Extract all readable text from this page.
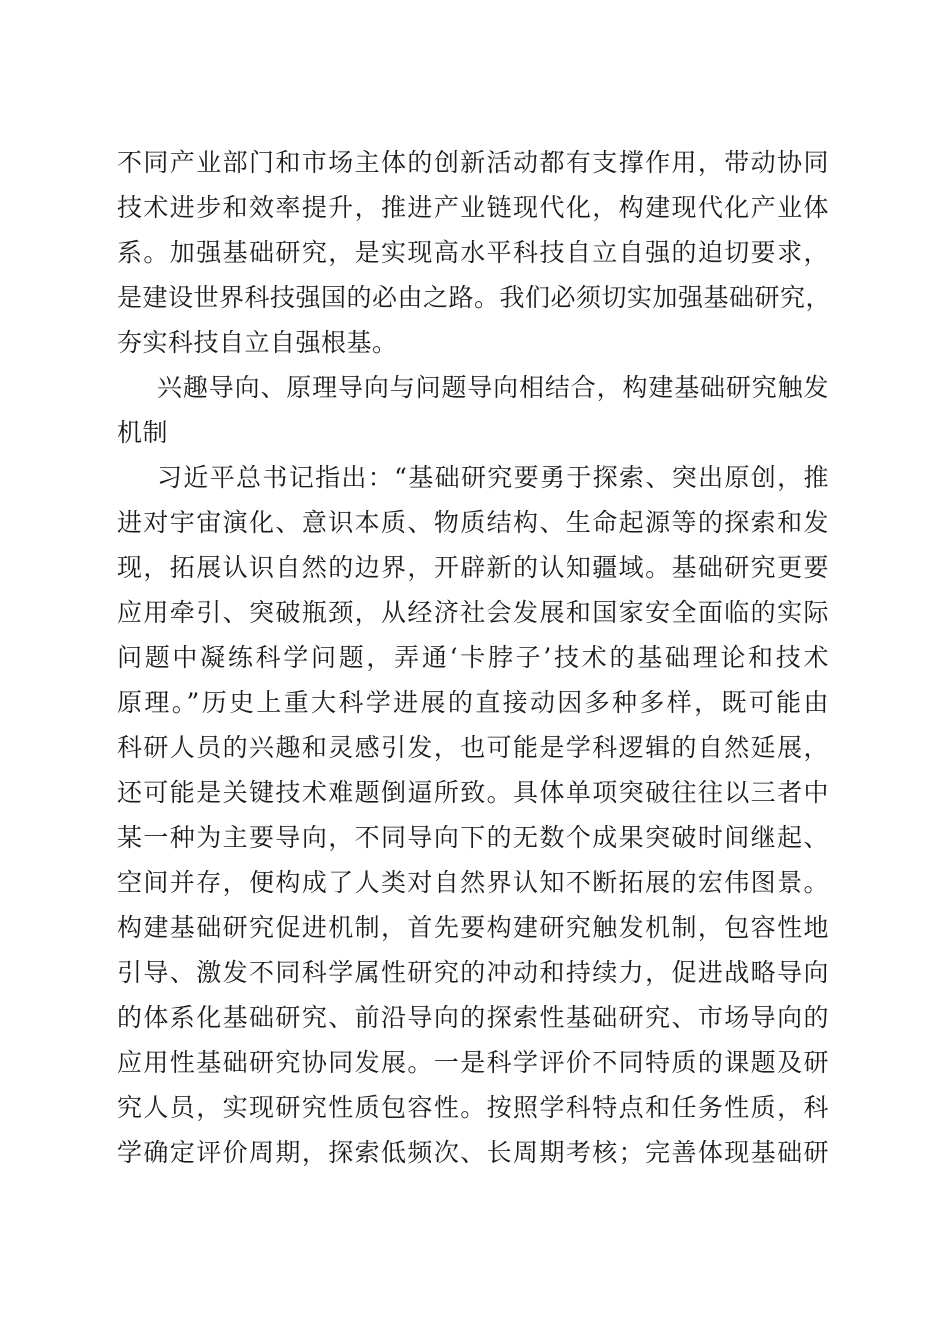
不同产业部门和市场主体的创新活动都有支撑作用，带动协同
技术进步和效率提升，推进产业链现代化，构建现代化产业体
系。加强基础研究，是实现高水平科技自立自强的迫切要求，
是建设世界科技强国的必由之路。我们必须切实加强基础研究，
夯实科技自立自强根基。
兴趣导向、原理导向与问题导向相结合，构建基础研究触发
机制
习近平总书记指出：“基础研究要勇于探索、突出原创，推
进对宇宙演化、意识本质、物质结构、生命起源等的探索和发
现，拓展认识自然的边界，开辟新的认知疆域。基础研究更要
应用牵引、突破瓶颈，从经济社会发展和国家安全面临的实际
问题中凝练科学问题，弄通‘卡脖子’技术的基础理论和技术
原理。”历史上重大科学进展的直接动因多种多样，既可能由
科研人员的兴趣和灵感引发，也可能是学科逻辑的自然延展，
还可能是关键技术难题倒逼所致。具体单项突破往往以三者中
某一种为主要导向，不同导向下的无数个成果突破时间继起、
空间并存，便构成了人类对自然界认知不断拓展的宏伟图景。
构建基础研究促进机制，首先要构建研究触发机制，包容性地
引导、激发不同科学属性研究的冲动和持续力，促进战略导向
的体系化基础研究、前沿导向的探索性基础研究、市场导向的
应用性基础研究协同发展。一是科学评价不同特质的课题及研
究人员，实现研究性质包容性。按照学科特点和任务性质，科
学确定评价周期，探索低频次、长周期考核；完善体现基础研
